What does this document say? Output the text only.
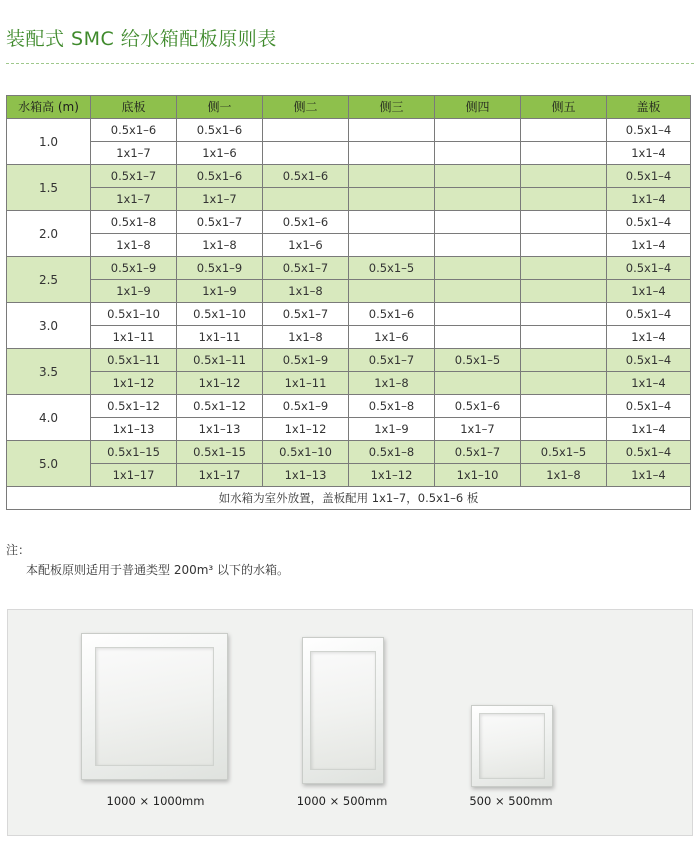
装配式 SMC 给水箱配板原则表
水箱高 (m)	底板	侧一	侧二	侧三	侧四	侧五	盖板
1.0	0.5x1–6	0.5x1–6					0.5x1–4
	1x1–7	1x1–6					1x1–4
1.5	0.5x1–7	0.5x1–6	0.5x1–6				0.5x1–4
	1x1–7	1x1–7					1x1–4
2.0	0.5x1–8	0.5x1–7	0.5x1–6				0.5x1–4
	1x1–8	1x1–8	1x1–6				1x1–4
2.5	0.5x1–9	0.5x1–9	0.5x1–7	0.5x1–5			0.5x1–4
	1x1–9	1x1–9	1x1–8				1x1–4
3.0	0.5x1–10	0.5x1–10	0.5x1–7	0.5x1–6			0.5x1–4
	1x1–11	1x1–11	1x1–8	1x1–6			1x1–4
3.5	0.5x1–11	0.5x1–11	0.5x1–9	0.5x1–7	0.5x1–5		0.5x1–4
	1x1–12	1x1–12	1x1–11	1x1–8			1x1–4
4.0	0.5x1–12	0.5x1–12	0.5x1–9	0.5x1–8	0.5x1–6		0.5x1–4
	1x1–13	1x1–13	1x1–12	1x1–9	1x1–7		1x1–4
5.0	0.5x1–15	0.5x1–15	0.5x1–10	0.5x1–8	0.5x1–7	0.5x1–5	0.5x1–4
	1x1–17	1x1–17	1x1–13	1x1–12	1x1–10	1x1–8	1x1–4
如水箱为室外放置，盖板配用 1x1–7，0.5x1–6 板							
注：
本配板原则适用于普通类型 200m³ 以下的水箱。
1000 × 1000mm	1000 × 500mm	500 × 500mm
